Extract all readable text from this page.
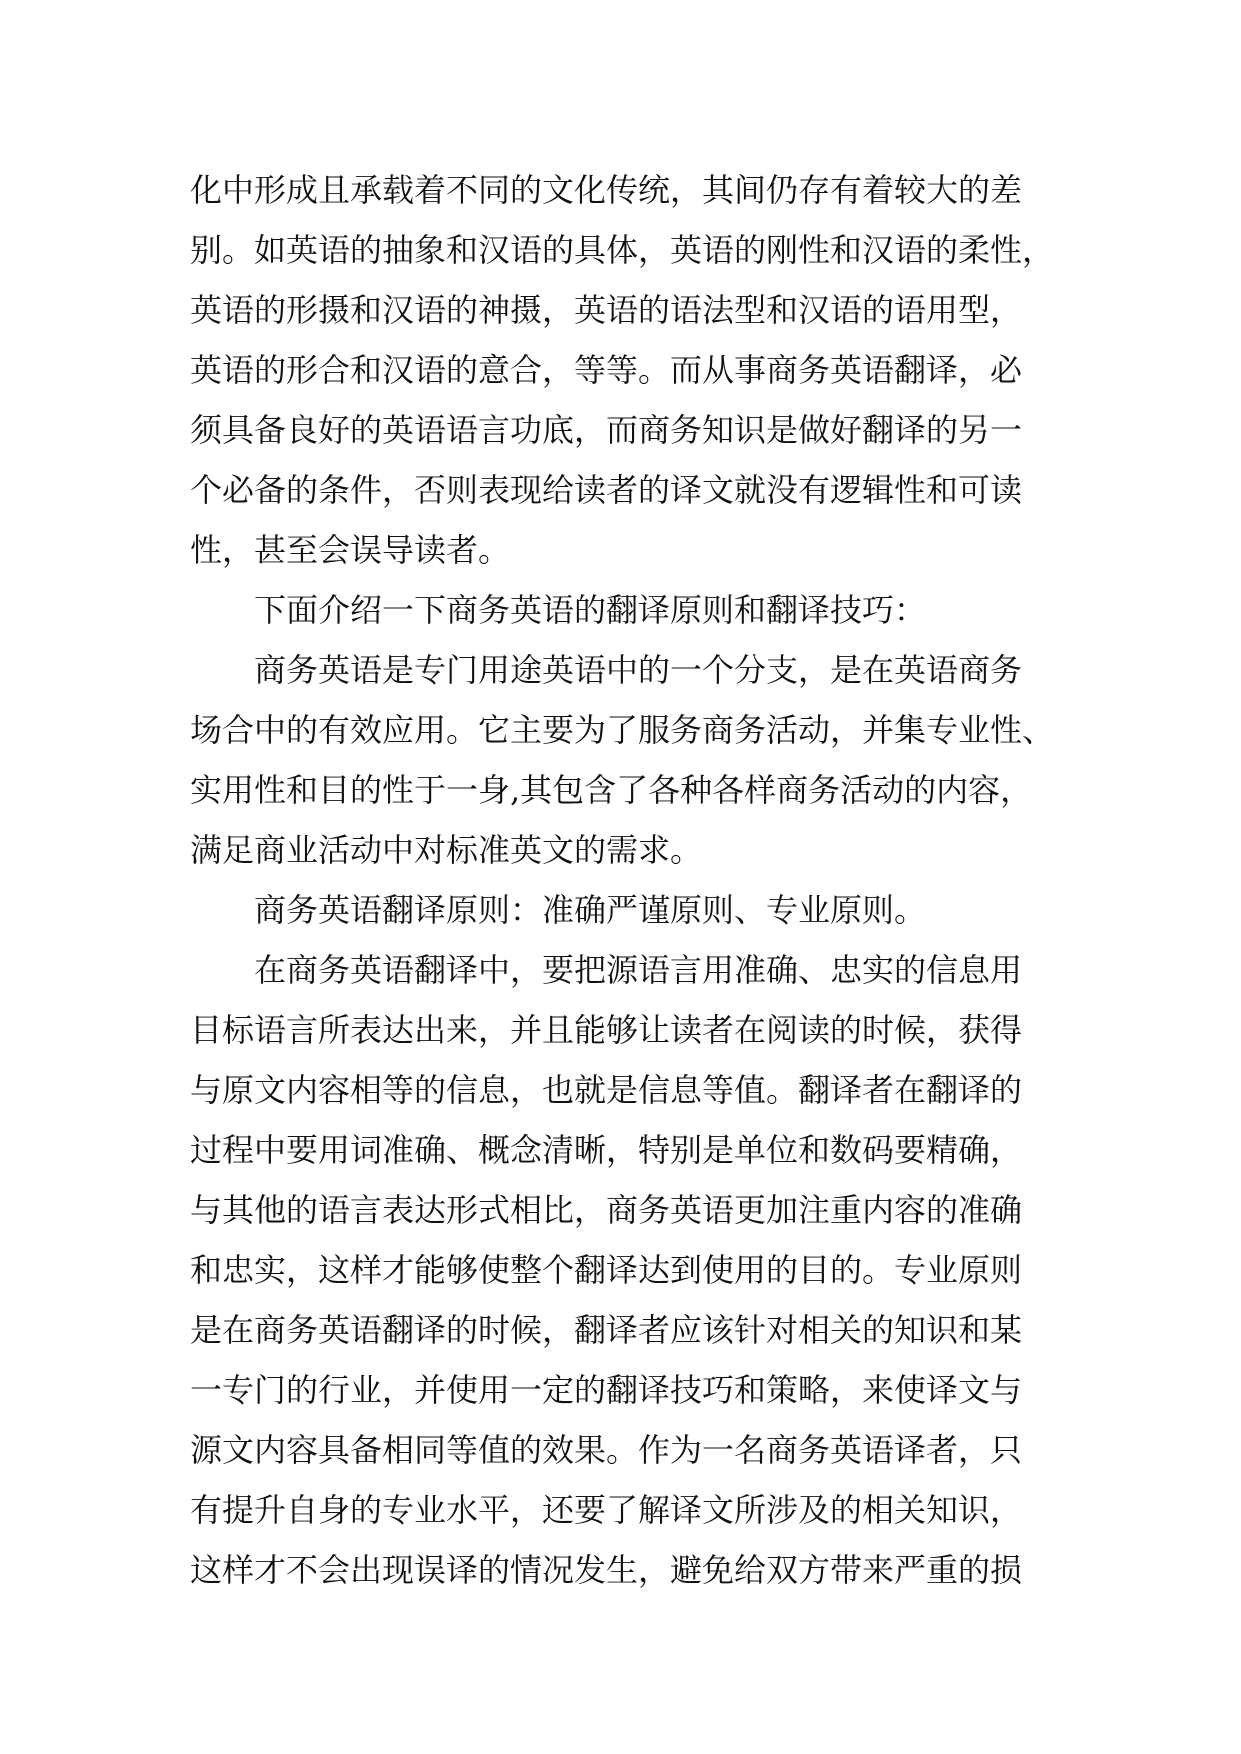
化中形成且承载着不同的文化传统，其间仍存有着较大的差
别。如英语的抽象和汉语的具体，英语的刚性和汉语的柔性，
英语的形摄和汉语的神摄，英语的语法型和汉语的语用型，
英语的形合和汉语的意合，等等。而从事商务英语翻译，必
须具备良好的英语语言功底，而商务知识是做好翻译的另一
个必备的条件，否则表现给读者的译文就没有逻辑性和可读
性，甚至会误导读者。
下面介绍一下商务英语的翻译原则和翻译技巧：
商务英语是专门用途英语中的一个分支，是在英语商务
场合中的有效应用。它主要为了服务商务活动，并集专业性、
实用性和目的性于一身,其包含了各种各样商务活动的内容，
满足商业活动中对标准英文的需求。
商务英语翻译原则：准确严谨原则、专业原则。
在商务英语翻译中，要把源语言用准确、忠实的信息用
目标语言所表达出来，并且能够让读者在阅读的时候，获得
与原文内容相等的信息，也就是信息等值。翻译者在翻译的
过程中要用词准确、概念清晰，特别是单位和数码要精确，
与其他的语言表达形式相比，商务英语更加注重内容的准确
和忠实，这样才能够使整个翻译达到使用的目的。专业原则
是在商务英语翻译的时候，翻译者应该针对相关的知识和某
一专门的行业，并使用一定的翻译技巧和策略，来使译文与
源文内容具备相同等值的效果。作为一名商务英语译者，只
有提升自身的专业水平，还要了解译文所涉及的相关知识，
这样才不会出现误译的情况发生，避免给双方带来严重的损
